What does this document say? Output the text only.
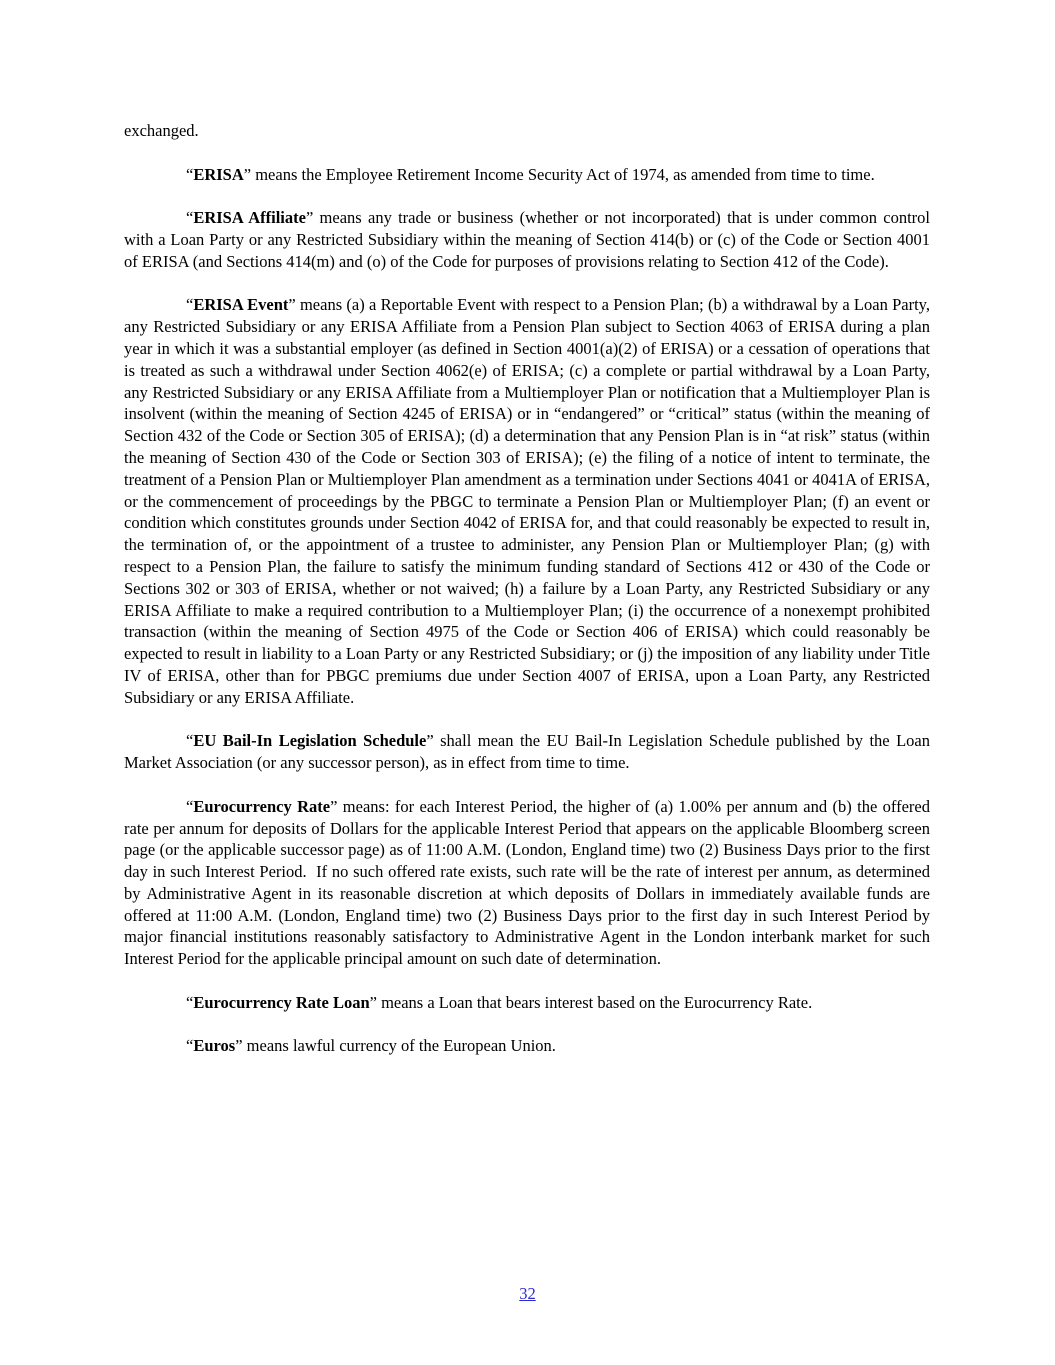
exchanged.

“ERISA” means the Employee Retirement Income Security Act of 1974, as amended from time to time.

“ERISA Affiliate” means any trade or business (whether or not incorporated) that is under common control with a Loan Party or any Restricted Subsidiary within the meaning of Section 414(b) or (c) of the Code or Section 4001 of ERISA (and Sections 414(m) and (o) of the Code for purposes of provisions relating to Section 412 of the Code).

“ERISA Event” means (a) a Reportable Event with respect to a Pension Plan; (b) a withdrawal by a Loan Party, any Restricted Subsidiary or any ERISA Affiliate from a Pension Plan subject to Section 4063 of ERISA during a plan year in which it was a substantial employer (as defined in Section 4001(a)(2) of ERISA) or a cessation of operations that is treated as such a withdrawal under Section 4062(e) of ERISA; (c) a complete or partial withdrawal by a Loan Party, any Restricted Subsidiary or any ERISA Affiliate from a Multiemployer Plan or notification that a Multiemployer Plan is insolvent (within the meaning of Section 4245 of ERISA) or in “endangered” or “critical” status (within the meaning of Section 432 of the Code or Section 305 of ERISA); (d) a determination that any Pension Plan is in “at risk” status (within the meaning of Section 430 of the Code or Section 303 of ERISA); (e) the filing of a notice of intent to terminate, the treatment of a Pension Plan or Multiemployer Plan amendment as a termination under Sections 4041 or 4041A of ERISA, or the commencement of proceedings by the PBGC to terminate a Pension Plan or Multiemployer Plan; (f) an event or condition which constitutes grounds under Section 4042 of ERISA for, and that could reasonably be expected to result in, the termination of, or the appointment of a trustee to administer, any Pension Plan or Multiemployer Plan; (g) with respect to a Pension Plan, the failure to satisfy the minimum funding standard of Sections 412 or 430 of the Code or Sections 302 or 303 of ERISA, whether or not waived; (h) a failure by a Loan Party, any Restricted Subsidiary or any ERISA Affiliate to make a required contribution to a Multiemployer Plan; (i) the occurrence of a nonexempt prohibited transaction (within the meaning of Section 4975 of the Code or Section 406 of ERISA) which could reasonably be expected to result in liability to a Loan Party or any Restricted Subsidiary; or (j) the imposition of any liability under Title IV of ERISA, other than for PBGC premiums due under Section 4007 of ERISA, upon a Loan Party, any Restricted Subsidiary or any ERISA Affiliate.

“EU Bail-In Legislation Schedule” shall mean the EU Bail-In Legislation Schedule published by the Loan Market Association (or any successor person), as in effect from time to time.

“Eurocurrency Rate” means: for each Interest Period, the higher of (a) 1.00% per annum and (b) the offered rate per annum for deposits of Dollars for the applicable Interest Period that appears on the applicable Bloomberg screen page (or the applicable successor page) as of 11:00 A.M. (London, England time) two (2) Business Days prior to the first day in such Interest Period.  If no such offered rate exists, such rate will be the rate of interest per annum, as determined by Administrative Agent in its reasonable discretion at which deposits of Dollars in immediately available funds are offered at 11:00 A.M. (London, England time) two (2) Business Days prior to the first day in such Interest Period by major financial institutions reasonably satisfactory to Administrative Agent in the London interbank market for such Interest Period for the applicable principal amount on such date of determination.

“Eurocurrency Rate Loan” means a Loan that bears interest based on the Eurocurrency Rate.

“Euros” means lawful currency of the European Union.

32
